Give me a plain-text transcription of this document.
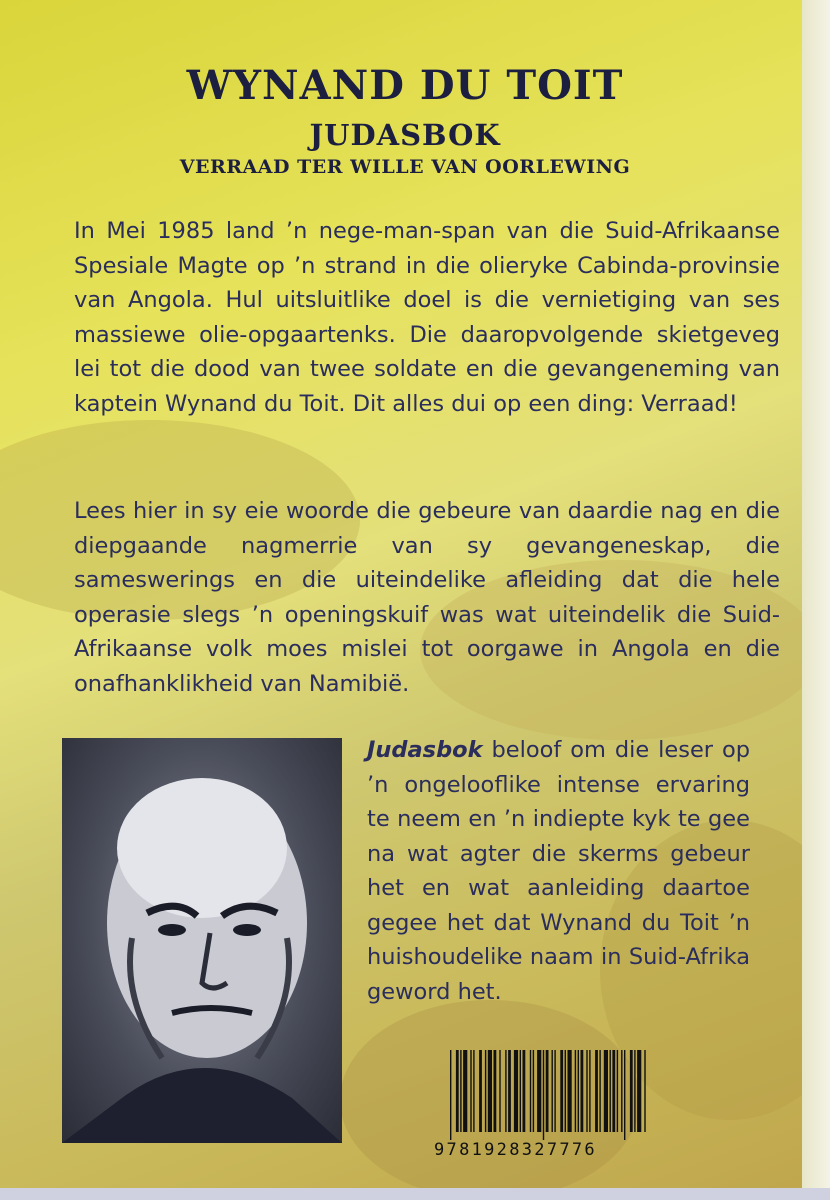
WYNAND DU TOIT
JUDASBOK
VERRAAD TER WILLE VAN OORLEWING
In Mei 1985 land ’n nege-man-span van die Suid-Afrikaanse Spesiale Magte op ’n strand in die olieryke Cabinda-provinsie van Angola. Hul uitsluitlike doel is die vernietiging van ses massiewe olie-opgaartenks. Die daaropvolgende skietgeveg lei tot die dood van twee soldate en die gevangeneming van kaptein Wynand du Toit. Dit alles dui op een ding: Verraad!
Lees hier in sy eie woorde die gebeure van daardie nag en die diepgaande nagmerrie van sy gevangeneskap, die sameswerings en die uiteindelike afleiding dat die hele operasie slegs ’n openingskuif was wat uiteindelik die Suid-Afrikaanse volk moes mislei tot oorgawe in Angola en die onafhanklikheid van Namibië.
Judasbok beloof om die leser op ’n ongelooflike intense ervaring te neem en ’n indiepte kyk te gee na wat agter die skerms gebeur het en wat aanleiding daartoe gegee het dat Wynand du Toit ’n huishoudelike naam in Suid-Afrika geword het.
9781928327776
